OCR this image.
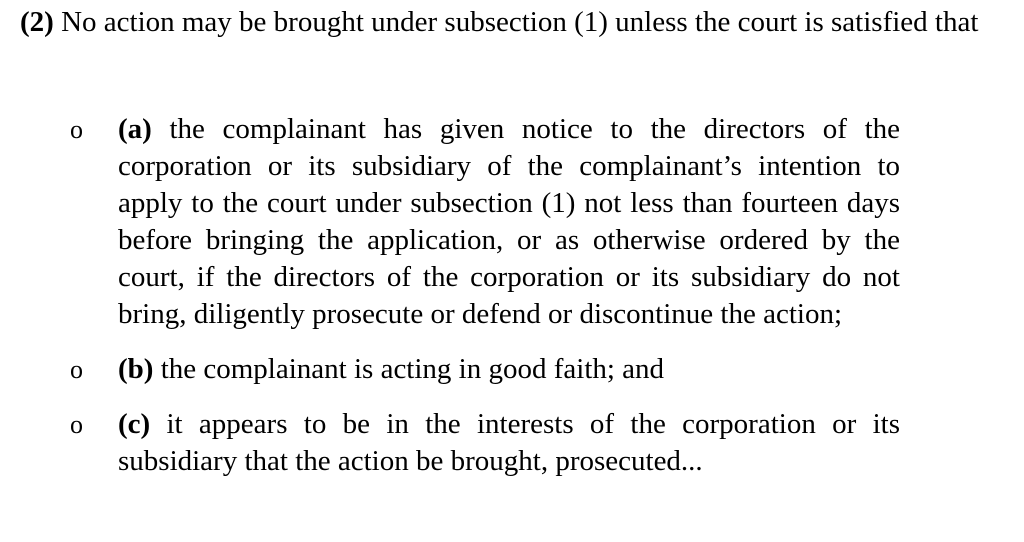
(2) No action may be brought under subsection (1) unless the court is satisfied that

o (a) the complainant has given notice to the directors of the corporation or its subsidiary of the complainant’s intention to apply to the court under subsection (1) not less than fourteen days before bringing the application, or as otherwise ordered by the court, if the directors of the corporation or its subsidiary do not bring, diligently prosecute or defend or discontinue the action;
o (b) the complainant is acting in good faith; and
o (c) it appears to be in the interests of the corporation or its subsidiary that the action be brought, prosecuted...
